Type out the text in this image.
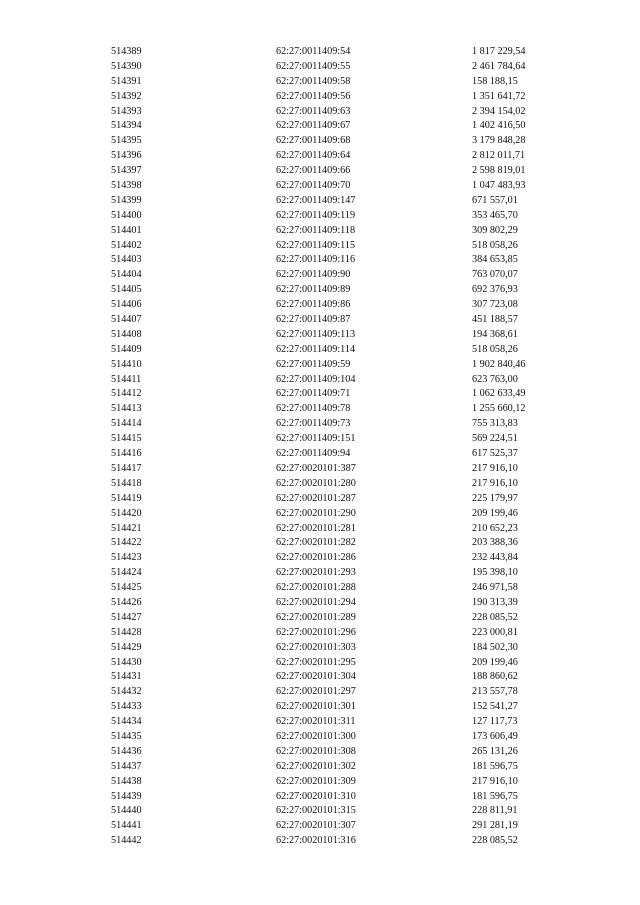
514389	62:27:0011409:54	1 817 229,54
514390	62:27:0011409:55	2 461 784,64
514391	62:27:0011409:58	158 188,15
514392	62:27:0011409:56	1 351 641,72
514393	62:27:0011409:63	2 394 154,02
514394	62:27:0011409:67	1 402 416,50
514395	62:27:0011409:68	3 179 848,28
514396	62:27:0011409:64	2 812 011,71
514397	62:27:0011409:66	2 598 819,01
514398	62:27:0011409:70	1 047 483,93
514399	62:27:0011409:147	671 557,01
514400	62:27:0011409:119	353 465,70
514401	62:27:0011409:118	309 802,29
514402	62:27:0011409:115	518 058,26
514403	62:27:0011409:116	384 653,85
514404	62:27:0011409:90	763 070,07
514405	62:27:0011409:89	692 376,93
514406	62:27:0011409:86	307 723,08
514407	62:27:0011409:87	451 188,57
514408	62:27:0011409:113	194 368,61
514409	62:27:0011409:114	518 058,26
514410	62:27:0011409:59	1 902 840,46
514411	62:27:0011409:104	623 763,00
514412	62:27:0011409:71	1 062 633,49
514413	62:27:0011409:78	1 255 660,12
514414	62:27:0011409:73	755 313,83
514415	62:27:0011409:151	569 224,51
514416	62:27:0011409:94	617 525,37
514417	62:27:0020101:387	217 916,10
514418	62:27:0020101:280	217 916,10
514419	62:27:0020101:287	225 179,97
514420	62:27:0020101:290	209 199,46
514421	62:27:0020101:281	210 652,23
514422	62:27:0020101:282	203 388,36
514423	62:27:0020101:286	232 443,84
514424	62:27:0020101:293	195 398,10
514425	62:27:0020101:288	246 971,58
514426	62:27:0020101:294	190 313,39
514427	62:27:0020101:289	228 085,52
514428	62:27:0020101:296	223 000,81
514429	62:27:0020101:303	184 502,30
514430	62:27:0020101:295	209 199,46
514431	62:27:0020101:304	188 860,62
514432	62:27:0020101:297	213 557,78
514433	62:27:0020101:301	152 541,27
514434	62:27:0020101:311	127 117,73
514435	62:27:0020101:300	173 606,49
514436	62:27:0020101:308	265 131,26
514437	62:27:0020101:302	181 596,75
514438	62:27:0020101:309	217 916,10
514439	62:27:0020101:310	181 596,75
514440	62:27:0020101:315	228 811,91
514441	62:27:0020101:307	291 281,19
514442	62:27:0020101:316	228 085,52
